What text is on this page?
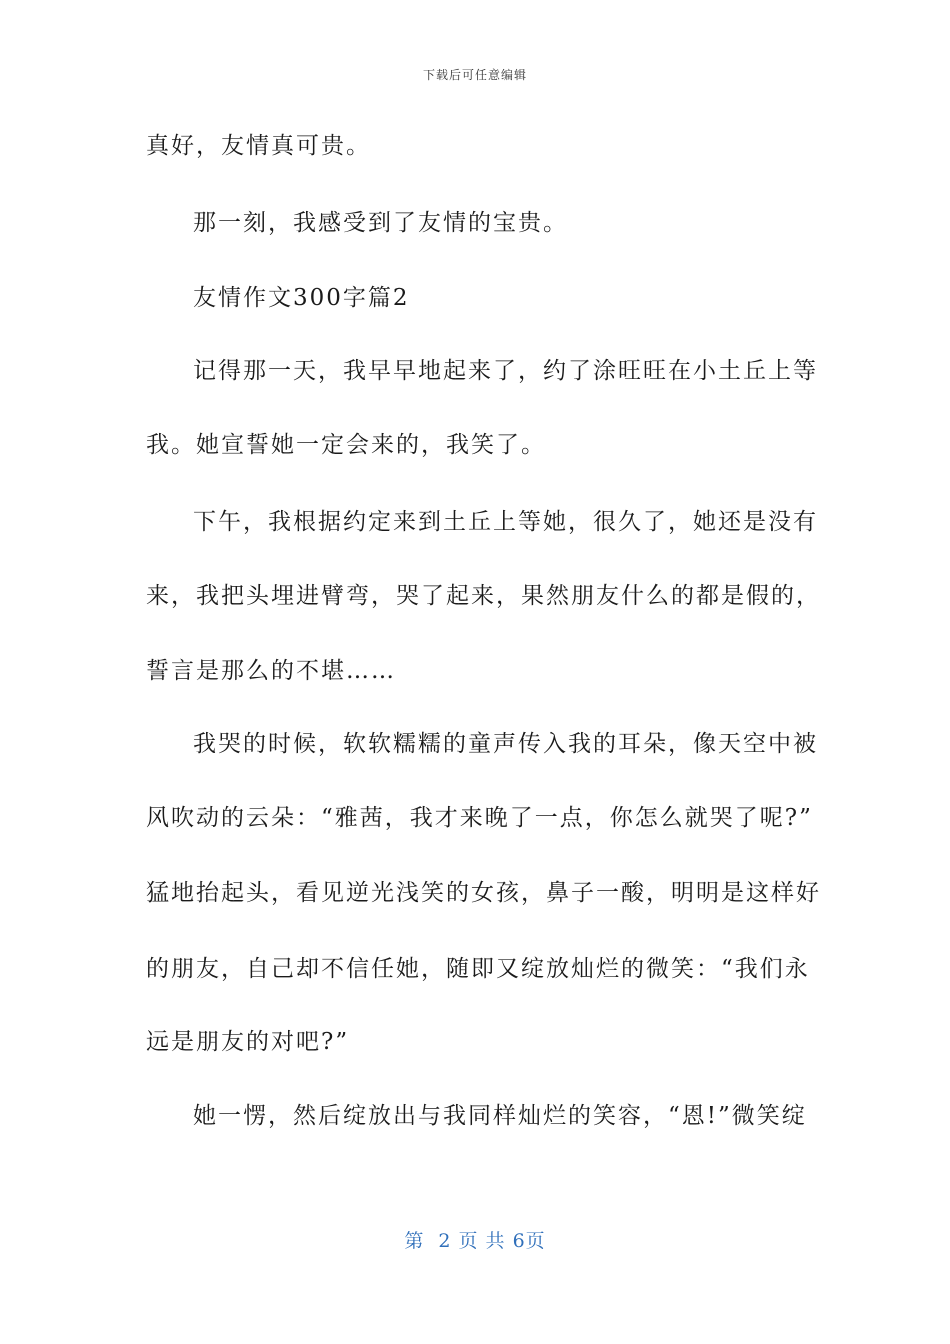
下载后可任意编辑
真好，友情真可贵。
那一刻，我感受到了友情的宝贵。
友情作文300字篇2
记得那一天，我早早地起来了，约了涂旺旺在小土丘上等
我。她宣誓她一定会来的，我笑了。
下午，我根据约定来到土丘上等她，很久了，她还是没有
来，我把头埋进臂弯，哭了起来，果然朋友什么的都是假的，
誓言是那么的不堪……
我哭的时候，软软糯糯的童声传入我的耳朵，像天空中被
风吹动的云朵：“雅茜，我才来晚了一点，你怎么就哭了呢?”
猛地抬起头，看见逆光浅笑的女孩，鼻子一酸，明明是这样好
的朋友，自己却不信任她，随即又绽放灿烂的微笑：“我们永
远是朋友的对吧?”
她一愣，然后绽放出与我同样灿烂的笑容，“恩!”微笑绽
第  2 页 共 6页
